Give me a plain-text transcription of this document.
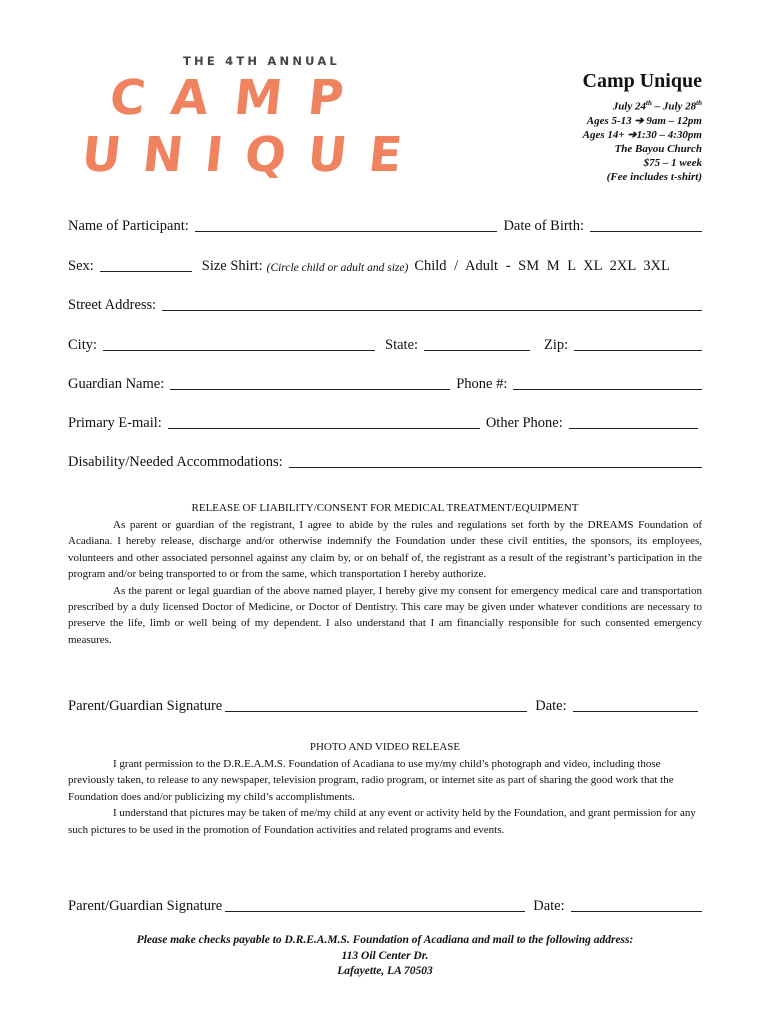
THE 4TH ANNUAL
CAMP
UNIQUE
Camp Unique
July 24th – July 28th
Ages 5-13 ➔ 9am – 12pm
Ages 14+ ➔1:30 – 4:30pm
The Bayou Church
$75 – 1 week
(Fee includes t-shirt)
Name of Participant:	Date of Birth:
Sex:	Size Shirt: (Circle child or adult and size) Child / Adult - SM M L XL 2XL 3XL
Street Address:
City:	State:	Zip:
Guardian Name:	Phone #:
Primary E-mail:	Other Phone:
Disability/Needed Accommodations:
RELEASE OF LIABILITY/CONSENT FOR MEDICAL TREATMENT/EQUIPMENT

As parent or guardian of the registrant, I agree to abide by the rules and regulations set forth by the DREAMS Foundation of Acadiana. I hereby release, discharge and/or otherwise indemnify the Foundation under these civil entities, the sponsors, its employees, volunteers and other associated personnel against any claim by, or on behalf of, the registrant as a result of the registrant’s participation in the program and/or being transported to or from the same, which transportation I hereby authorize.

As the parent or legal guardian of the above named player, I hereby give my consent for emergency medical care and transportation prescribed by a duly licensed Doctor of Medicine, or Doctor of Dentistry. This care may be given under whatever conditions are necessary to preserve the life, limb or well being of my dependent. I also understand that I am financially responsible for such consented emergency measures.

Parent/Guardian Signature	Date:
PHOTO AND VIDEO RELEASE

I grant permission to the D.R.E.A.M.S. Foundation of Acadiana to use my/my child’s photograph and video, including those previously taken, to release to any newspaper, television program, radio program, or internet site as part of sharing the good work that the Foundation does and/or publicizing my child’s accomplishments.

I understand that pictures may be taken of me/my child at any event or activity held by the Foundation, and grant permission for any such pictures to be used in the promotion of Foundation activities and related programs and events.

Parent/Guardian Signature	Date:
Please make checks payable to D.R.E.A.M.S. Foundation of Acadiana and mail to the following address:
113 Oil Center Dr.
Lafayette, LA 70503
